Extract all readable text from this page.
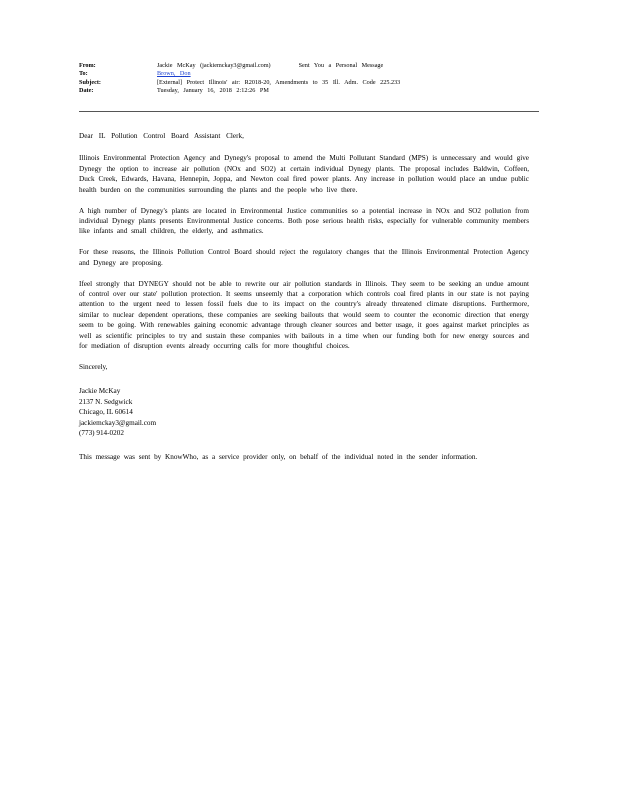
From:	Jackie McKay (jackiemckay3@gmail.com)	Sent You a Personal Message
To:	Brown, Don
Subject:	[External] Protect Illinois' air: R2018-20, Amendments to 35 Ill. Adm. Code 225.233
Date:	Tuesday, January 16, 2018 2:12:26 PM

Dear IL Pollution Control Board Assistant Clerk,

Illinois Environmental Protection Agency and Dynegy's proposal to amend the Multi Pollutant Standard (MPS) is unnecessary and would give Dynegy the option to increase air pollution (NOx and SO2) at certain individual Dynegy plants. The proposal includes Baldwin, Coffeen, Duck Creek, Edwards, Havana, Hennepin, Joppa, and Newton coal fired power plants. Any increase in pollution would place an undue public health burden on the communities surrounding the plants and the people who live there.

A high number of Dynegy's plants are located in Environmental Justice communities so a potential increase in NOx and SO2 pollution from individual Dynegy plants presents Environmental Justice concerns. Both pose serious health risks, especially for vulnerable community members like infants and small children, the elderly, and asthmatics.

For these reasons, the Illinois Pollution Control Board should reject the regulatory changes that the Illinois Environmental Protection Agency and Dynegy are proposing.

Ifeel strongly that DYNEGY should not be able to rewrite our air pollution standards in Illinois. They seem to be seeking an undue amount of control over our state' pollution protection. It seems unseemly that a corporation which controls coal fired plants in our state is not paying attention to the urgent need to lessen fossil fuels due to its impact on the country's already threatened climate disruptions. Furthermore, similar to nuclear dependent operations, these companies are seeking bailouts that would seem to counter the economic direction that energy seem to be going. With renewables gaining economic advantage through cleaner sources and better usage, it goes against market principles as well as scientific principles to try and sustain these companies with bailouts in a time when our funding both for new energy sources and for mediation of disruption events already occurring calls for more thoughtful choices.

Sincerely,

Jackie McKay
2137 N. Sedgwick
Chicago, IL 60614
jackiemckay3@gmail.com
(773) 914-0202

This message was sent by KnowWho, as a service provider only, on behalf of the individual noted in the sender information.
